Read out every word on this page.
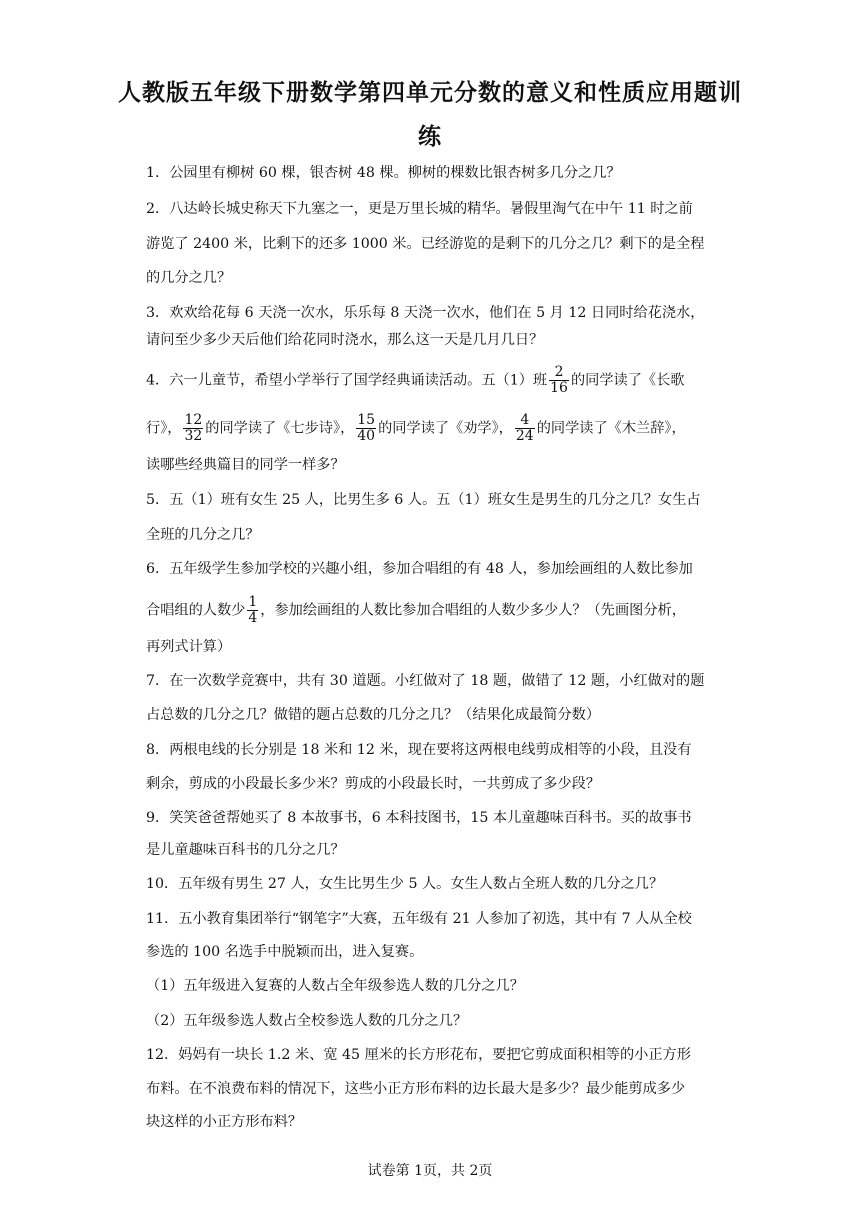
人教版五年级下册数学第四单元分数的意义和性质应用题训
练
1．公园里有柳树 60 棵，银杏树 48 棵。柳树的棵数比银杏树多几分之几？
2．八达岭长城史称天下九塞之一，更是万里长城的精华。暑假里淘气在中午 11 时之前
游览了 2400 米，比剩下的还多 1000 米。已经游览的是剩下的几分之几？剩下的是全程
的几分之几？
3．欢欢给花每 6 天浇一次水，乐乐每 8 天浇一次水，他们在 5 月 12 日同时给花浇水，
请问至少多少天后他们给花同时浇水，那么这一天是几月几日？
4．六一儿童节，希望小学举行了国学经典诵读活动。五（1）班 $\frac{2}{16}$ 的同学读了《长歌
行》， $\frac{12}{32}$ 的同学读了《七步诗》， $\frac{15}{40}$ 的同学读了《劝学》， $\frac{4}{24}$ 的同学读了《木兰辞》，
读哪些经典篇目的同学一样多？
5．五（1）班有女生 25 人，比男生多 6 人。五（1）班女生是男生的几分之几？女生占
全班的几分之几？
6．五年级学生参加学校的兴趣小组，参加合唱组的有 48 人，参加绘画组的人数比参加
合唱组的人数少 $\frac{1}{4}$ ，参加绘画组的人数比参加合唱组的人数少多少人？（先画图分析，
再列式计算）
7．在一次数学竞赛中，共有 30 道题。小红做对了 18 题，做错了 12 题，小红做对的题
占总数的几分之几？做错的题占总数的几分之几？（结果化成最简分数）
8．两根电线的长分别是 18 米和 12 米，现在要将这两根电线剪成相等的小段，且没有
剩余，剪成的小段最长多少米？剪成的小段最长时，一共剪成了多少段？
9．笑笑爸爸帮她买了 8 本故事书，6 本科技图书，15 本儿童趣味百科书。买的故事书
是儿童趣味百科书的几分之几？
10．五年级有男生 27 人，女生比男生少 5 人。女生人数占全班人数的几分之几？
11．五小教育集团举行“钢笔字”大赛，五年级有 21 人参加了初选，其中有 7 人从全校
参选的 100 名选手中脱颖而出，进入复赛。
（1）五年级进入复赛的人数占全年级参选人数的几分之几？
（2）五年级参选人数占全校参选人数的几分之几？
12．妈妈有一块长 1.2 米、宽 45 厘米的长方形花布，要把它剪成面积相等的小正方形
布料。在不浪费布料的情况下，这些小正方形布料的边长最大是多少？最少能剪成多少
块这样的小正方形布料？
试卷第 1页，共 2页
